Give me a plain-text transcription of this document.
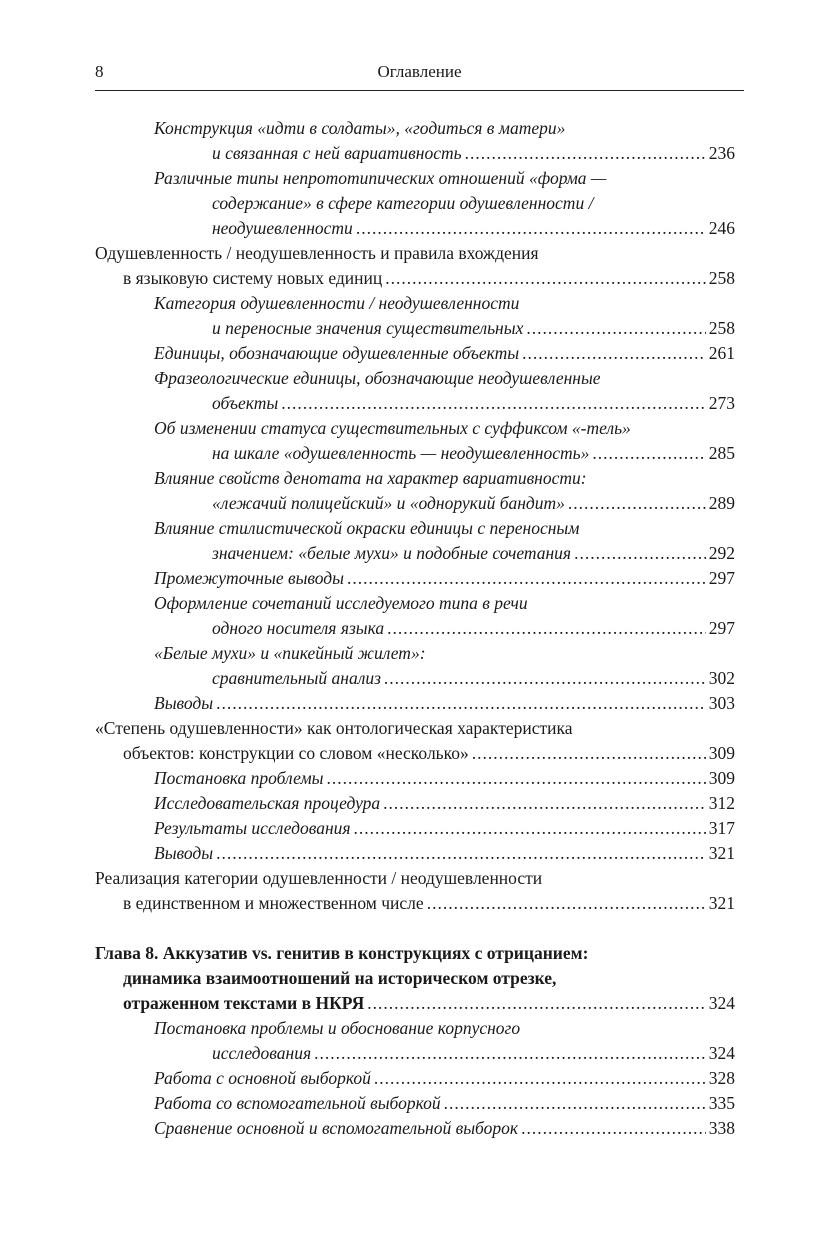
8	Оглавление
Конструкция «идти в солдаты», «годиться в матери»
и связанная с ней вариативность .....	236
Различные типы непрототипических отношений «форма —
содержание» в сфере категории одушевленности /
неодушевленности .....	246
Одушевленность / неодушевленность и правила вхождения
в языковую систему новых единиц .....	258
Категория одушевленности / неодушевленности
и переносные значения существительных .....	258
Единицы, обозначающие одушевленные объекты .....	261
Фразеологические единицы, обозначающие неодушевленные
объекты .....	273
Об изменении статуса существительных с суффиксом «-тель»
на шкале «одушевленность — неодушевленность» .....	285
Влияние свойств денотата на характер вариативности:
«лежачий полицейский» и «однорукий бандит» .....	289
Влияние стилистической окраски единицы с переносным
значением: «белые мухи» и подобные сочетания .....	292
Промежуточные выводы .....	297
Оформление сочетаний исследуемого типа в речи
одного носителя языка .....	297
«Белые мухи» и «пикейный жилет»:
сравнительный анализ .....	302
Выводы .....	303
«Степень одушевленности» как онтологическая характеристика
объектов: конструкции со словом «несколько» .....	309
Постановка проблемы .....	309
Исследовательская процедура .....	312
Результаты исследования .....	317
Выводы .....	321
Реализация категории одушевленности / неодушевленности
в единственном и множественном числе .....	321
Глава 8. Аккузатив vs. генитив в конструкциях с отрицанием:
динамика взаимоотношений на историческом отрезке,
отраженном текстами в НКРЯ .....	324
Постановка проблемы и обоснование корпусного
исследования .....	324
Работа с основной выборкой .....	328
Работа со вспомогательной выборкой .....	335
Сравнение основной и вспомогательной выборок .....	338
